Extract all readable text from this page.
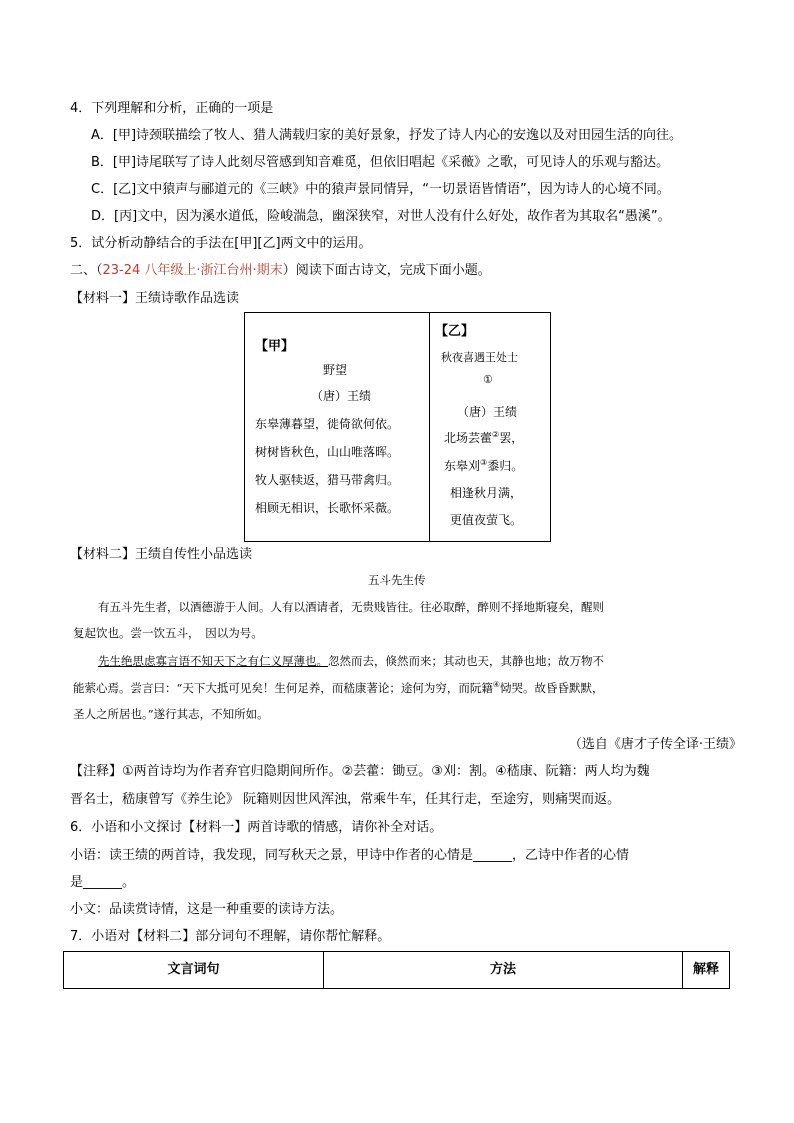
4．下列理解和分析，正确的一项是
A．[甲]诗颈联描绘了牧人、猎人满载归家的美好景象，抒发了诗人内心的安逸以及对田园生活的向往。
B．[甲]诗尾联写了诗人此刻尽管感到知音难觅，但依旧唱起《采薇》之歌，可见诗人的乐观与豁达。
C．[乙]文中猿声与郦道元的《三峡》中的猿声景同情异，“一切景语皆情语”，因为诗人的心境不同。
D．[丙]文中，因为溪水道低，险峻湍急，幽深狭窄，对世人没有什么好处，故作者为其取名“愚溪”。
5．试分析动静结合的手法在[甲][乙]两文中的运用。
二、（23-24 八年级上·浙江台州·期末）阅读下面古诗文，完成下面小题。
【材料一】王绩诗歌作品选读
【甲】
野望
（唐）王绩
东皋薄暮望，徙倚欲何依。
树树皆秋色，山山唯落晖。
牧人驱犊返，猎马带禽归。
相顾无相识，长歌怀采薇。
【乙】
秋夜喜遇王处士
①
（唐）王绩
北场芸藿②罢，
东皋刈③黍归。
相逢秋月满，
更值夜萤飞。
【材料二】王绩自传性小品选读
五斗先生传
有五斗先生者，以酒德游于人间。人有以酒请者，无贵贱皆往。往必取醉，醉则不择地斯寝矣，醒则
复起饮也。尝一饮五斗，　因以为号。
先生绝思虑寡言语不知天下之有仁义厚薄也。忽然而去，倏然而来；其动也天，其静也地；故万物不
能萦心焉。尝言曰：“天下大抵可见矣！生何足养，而嵇康著论；途何为穷，而阮籍④恸哭。故昏昏默默，
圣人之所居也。”遂行其志，不知所如。
（选自《唐才子传全译·王绩》
【注释】①两首诗均为作者弃官归隐期间所作。②芸藿：锄豆。③刈：割。④嵇康、阮籍：两人均为魏
晋名士，嵇康曾写《养生论》 阮籍则因世风浑浊，常乘牛车，任其行走，至途穷，则痛哭而返。
6．小语和小文探讨【材料一】两首诗歌的情感，请你补全对话。
小语：读王绩的两首诗，我发现，同写秋天之景，甲诗中作者的心情是______，乙诗中作者的心情
是______。
小文：品读赏诗情，这是一种重要的读诗方法。
7．小语对【材料二】部分词句不理解，请你帮忙解释。
文言词句	方法	解释
